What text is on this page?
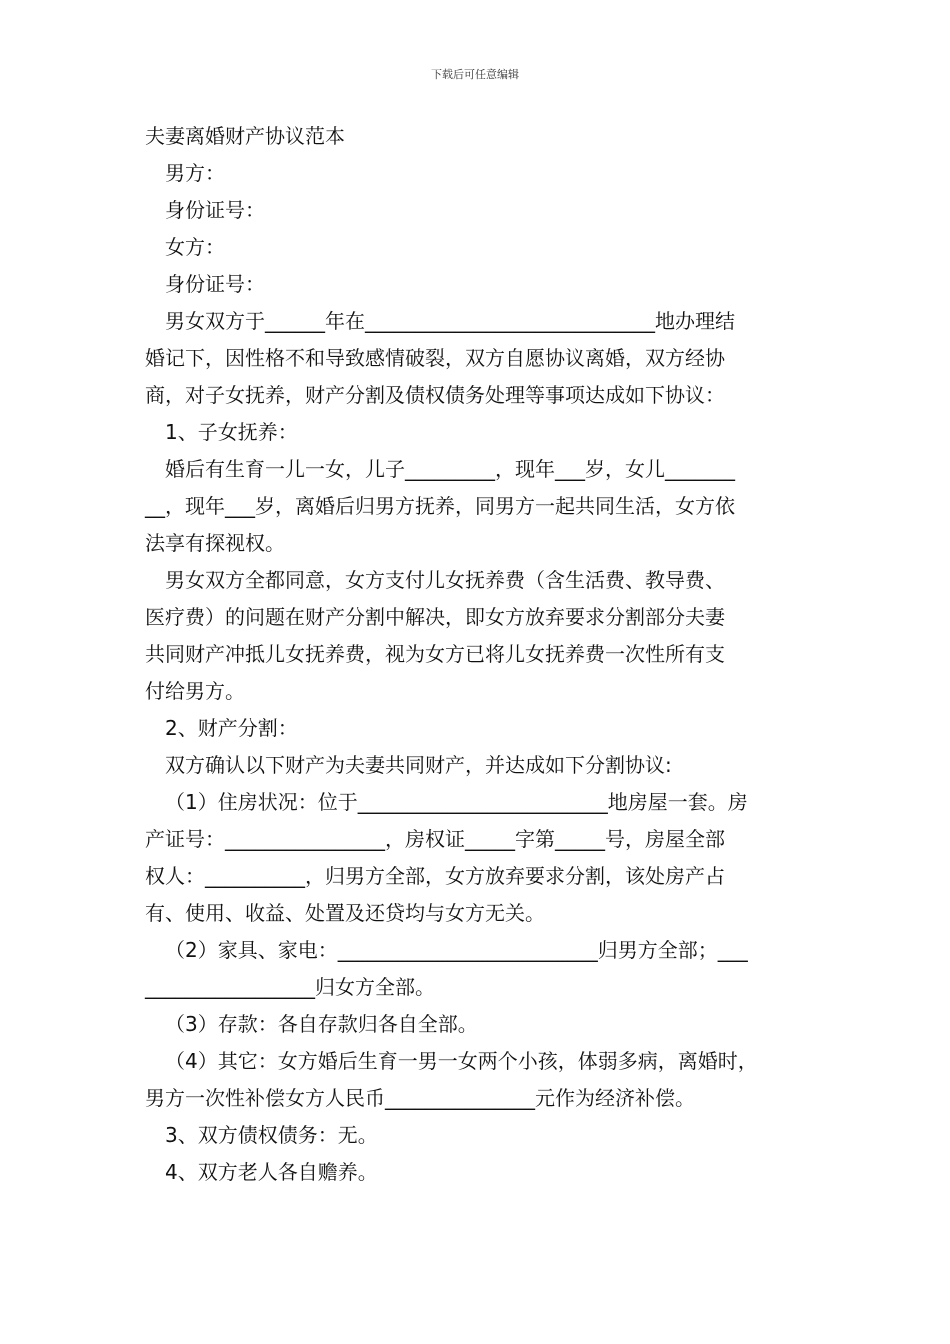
下载后可任意编辑
夫妻离婚财产协议范本
男方：
身份证号：
女方：
身份证号：
男女双方于______年在_____________________________地办理结
婚记下，因性格不和导致感情破裂，双方自愿协议离婚，双方经协
商，对子女抚养，财产分割及债权债务处理等事项达成如下协议：
1、子女抚养：
婚后有生育一儿一女，儿子_________，现年___岁，女儿_______
__，现年___岁，离婚后归男方抚养，同男方一起共同生活，女方依
法享有探视权。
男女双方全都同意，女方支付儿女抚养费（含生活费、教导费、
医疗费）的问题在财产分割中解决，即女方放弃要求分割部分夫妻
共同财产冲抵儿女抚养费，视为女方已将儿女抚养费一次性所有支
付给男方。
2、财产分割：
双方确认以下财产为夫妻共同财产，并达成如下分割协议:
（1）住房状况：位于_________________________地房屋一套。房
产证号：________________，房权证_____字第_____号，房屋全部
权人：__________，归男方全部，女方放弃要求分割，该处房产占
有、使用、收益、处置及还贷均与女方无关。
（2）家具、家电：__________________________归男方全部；___
_________________归女方全部。
（3）存款：各自存款归各自全部。
（4）其它：女方婚后生育一男一女两个小孩，体弱多病，离婚时，
男方一次性补偿女方人民币_______________元作为经济补偿。
3、双方债权债务：无。
4、双方老人各自赡养。
